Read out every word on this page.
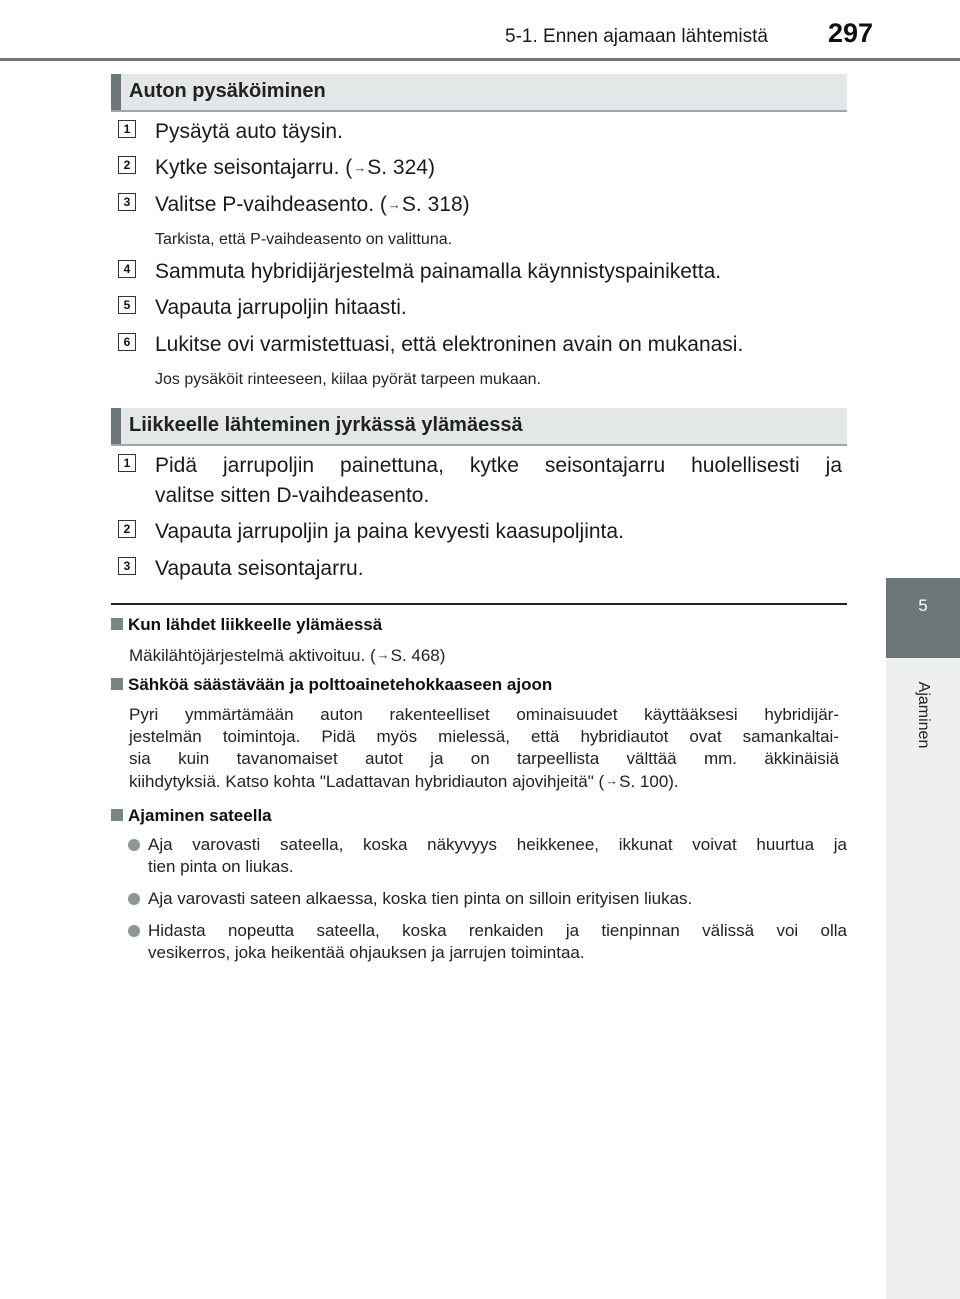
5-1. Ennen ajamaan lähtemistä 297
5
Ajaminen
Auton pysäköiminen
1 Pysäytä auto täysin.
2 Kytke seisontajarru. (→S. 324)
3 Valitse P-vaihdeasento. (→S. 318)
Tarkista, että P-vaihdeasento on valittuna.
4 Sammuta hybridijärjestelmä painamalla käynnistyspainiketta.
5 Vapauta jarrupoljin hitaasti.
6 Lukitse ovi varmistettuasi, että elektroninen avain on mukanasi.
Jos pysäköit rinteeseen, kiilaa pyörät tarpeen mukaan.
Liikkeelle lähteminen jyrkässä ylämäessä
1 Pidä jarrupoljin painettuna, kytke seisontajarru huolellisesti ja
valitse sitten D-vaihdeasento.
2 Vapauta jarrupoljin ja paina kevyesti kaasupoljinta.
3 Vapauta seisontajarru.
Kun lähdet liikkeelle ylämäessä
Mäkilähtöjärjestelmä aktivoituu. (→S. 468)
Sähköä säästävään ja polttoainetehokkaaseen ajoon
Pyri ymmärtämään auton rakenteelliset ominaisuudet käyttääksesi hybridijär-
jestelmän toimintoja. Pidä myös mielessä, että hybridiautot ovat samankaltai-
sia kuin tavanomaiset autot ja on tarpeellista välttää mm. äkkinäisiä
kiihdytyksiä. Katso kohta "Ladattavan hybridiauton ajovihjeitä" (→S. 100).
Ajaminen sateella
Aja varovasti sateella, koska näkyvyys heikkenee, ikkunat voivat huurtua ja
tien pinta on liukas.
Aja varovasti sateen alkaessa, koska tien pinta on silloin erityisen liukas.
Hidasta nopeutta sateella, koska renkaiden ja tienpinnan välissä voi olla
vesikerros, joka heikentää ohjauksen ja jarrujen toimintaa.
